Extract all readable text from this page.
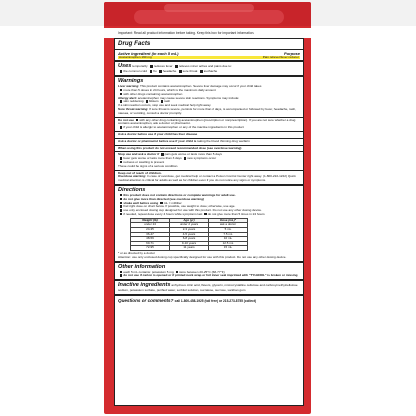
Important: Read all product information before taking. Keep this box for important information.
Drug Facts
Active ingredient (in each 5 mL)	Purpose
Acetaminophen 160 mg	Pain reliever/fever reducer
Uses temporarily reduces fever relieves minor aches and pains due to:
the common cold flu headache sore throat toothache
Warnings
Liver warning: This product contains acetaminophen. Severe liver damage may occur if your child takes
more than 5 doses in 24 hours, which is the maximum daily amount
with other drugs containing acetaminophen
Allergy alert: acetaminophen may cause severe skin reactions. Symptoms may include:
skin reddening blisters rash
If a skin reaction occurs, stop use and seek medical help right away.
Sore throat warning: If sore throat is severe, persists for more than 2 days, is accompanied or followed by fever, headache, rash, nausea, or vomiting, consult a doctor promptly.
Do not use with any other drug containing acetaminophen (prescription or nonprescription). If you are not sure whether a drug contains acetaminophen, ask a doctor or pharmacist.
if your child is allergic to acetaminophen or any of the inactive ingredients in this product
Ask a doctor before use if your child has liver disease
Ask a doctor or pharmacist before use if your child is taking the blood thinning drug warfarin
When using this product do not exceed recommended dose (see overdose warning)
Stop use and ask a doctor if pain gets worse or lasts more than 5 days
fever gets worse or lasts more than 3 days new symptoms occur
redness or swelling is present
These could be signs of a serious condition.
Keep out of reach of children.
Overdose warning: In case of overdose, get medical help or contact a Poison Control Center right away. (1-800-222-1222) Quick medical attention is critical for adults as well as for children even if you do not notice any signs or symptoms.
Directions
this product does not contain directions or complete warnings for adult use.
do not give more than directed (see overdose warning)
shake well before using mL = milliliter
find right dose on chart below. If possible, use weight to dose; otherwise, use age.
use only enclosed dosing cup designed for use with this product. Do not use any other dosing device.
if needed, repeat dose every 4 hours while symptoms last do not give more than 5 times in 24 hours
Weight (lb)	Age (yr)	Dose (mL)*
under 24	under 2 years	ask a doctor
24-35	2-3 years	5 mL
36-47	4-5 years	7.5 mL
48-59	6-8 years	10 mL
60-71	9-10 years	12.5 mL
72-95	11 years	15 mL
* or as directed by a doctor
Attention: use only enclosed dosing cup specifically designed for use with this product. Do not use any other dosing device.
Other information
each 5 mL contains: potassium 5 mg store between 20-25°C (68-77°F)
do not use if carton is opened or if printed neck wrap or foil inner seal imprinted with "TYLENOL" is broken or missing
Inactive ingredients anhydrous citric acid, flavors, glycerin, microcrystalline cellulose and carboxymethylcellulose sodium, potassium sorbate, purified water, sorbitol solution, sucralose, sucrose, xanthan gum
Questions or comments? call 1-800-458-1925 (toll free) or 215-273-8755 (collect)
